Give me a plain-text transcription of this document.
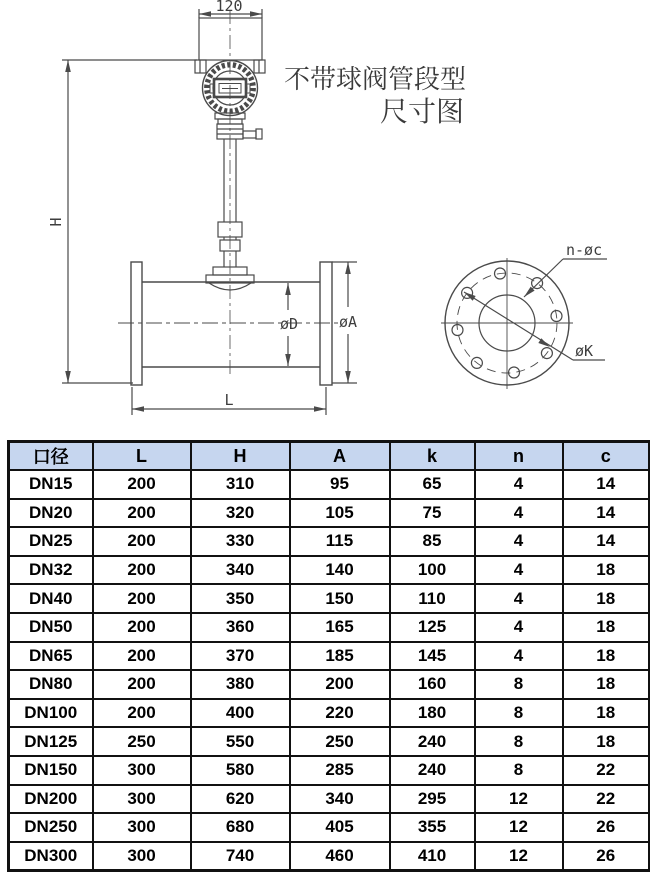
120
H
øD	øA
L
n-øc
øK
不带球阀管段型
尺寸图
口径	L	H	A	k	n	c
DN15	200	310	95	65	4	14
DN20	200	320	105	75	4	14
DN25	200	330	115	85	4	14
DN32	200	340	140	100	4	18
DN40	200	350	150	110	4	18
DN50	200	360	165	125	4	18
DN65	200	370	185	145	4	18
DN80	200	380	200	160	8	18
DN100	200	400	220	180	8	18
DN125	250	550	250	240	8	18
DN150	300	580	285	240	8	22
DN200	300	620	340	295	12	22
DN250	300	680	405	355	12	26
DN300	300	740	460	410	12	26
